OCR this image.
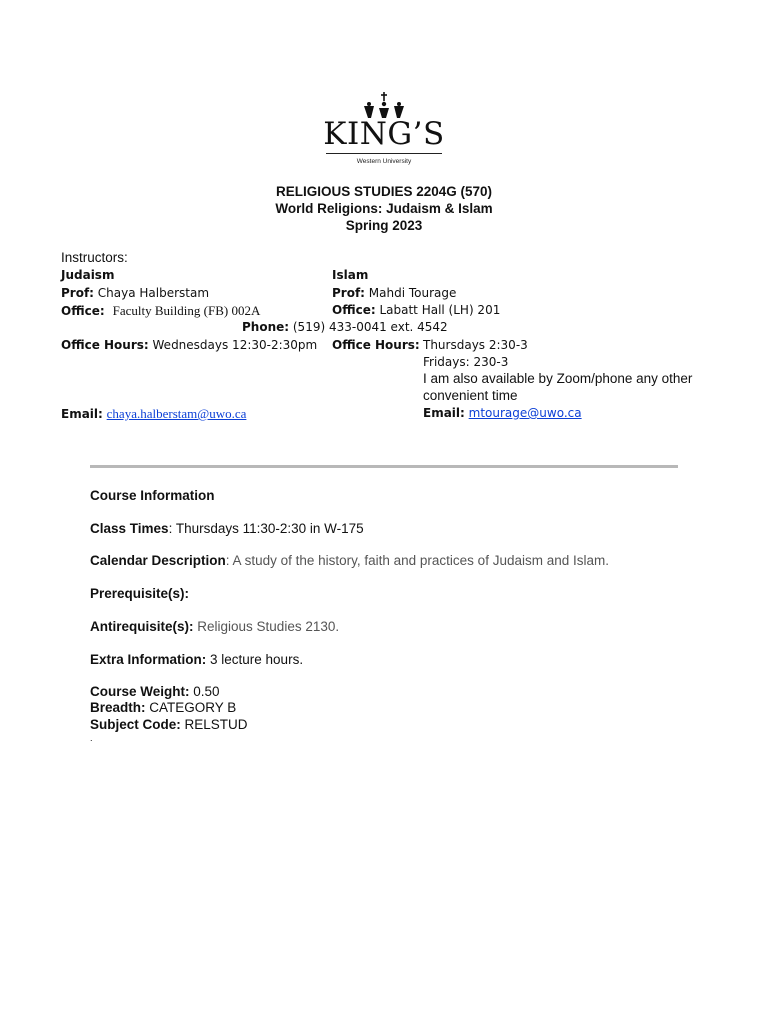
KING’S
Western University
RELIGIOUS STUDIES 2204G (570)
World Religions: Judaism & Islam
Spring 2023
Instructors:
Judaism	Islam
Prof: Chaya Halberstam	Prof: Mahdi Tourage
Office: Faculty Building (FB) 002A	Office: Labatt Hall (LH) 201
Phone: (519) 433-0041 ext. 4542
Office Hours: Wednesdays 12:30-2:30pm Office Hours: Thursdays 2:30-3
Fridays: 230-3
I am also available by Zoom/phone any other
convenient time
Email: chaya.halberstam@uwo.ca	Email: mtourage@uwo.ca
Course Information
Class Times: Thursdays 11:30-2:30 in W-175
Calendar Description: A study of the history, faith and practices of Judaism and Islam.
Prerequisite(s):
Antirequisite(s): Religious Studies 2130.
Extra Information: 3 lecture hours.
Course Weight: 0.50
Breadth: CATEGORY B
Subject Code: RELSTUD
.
